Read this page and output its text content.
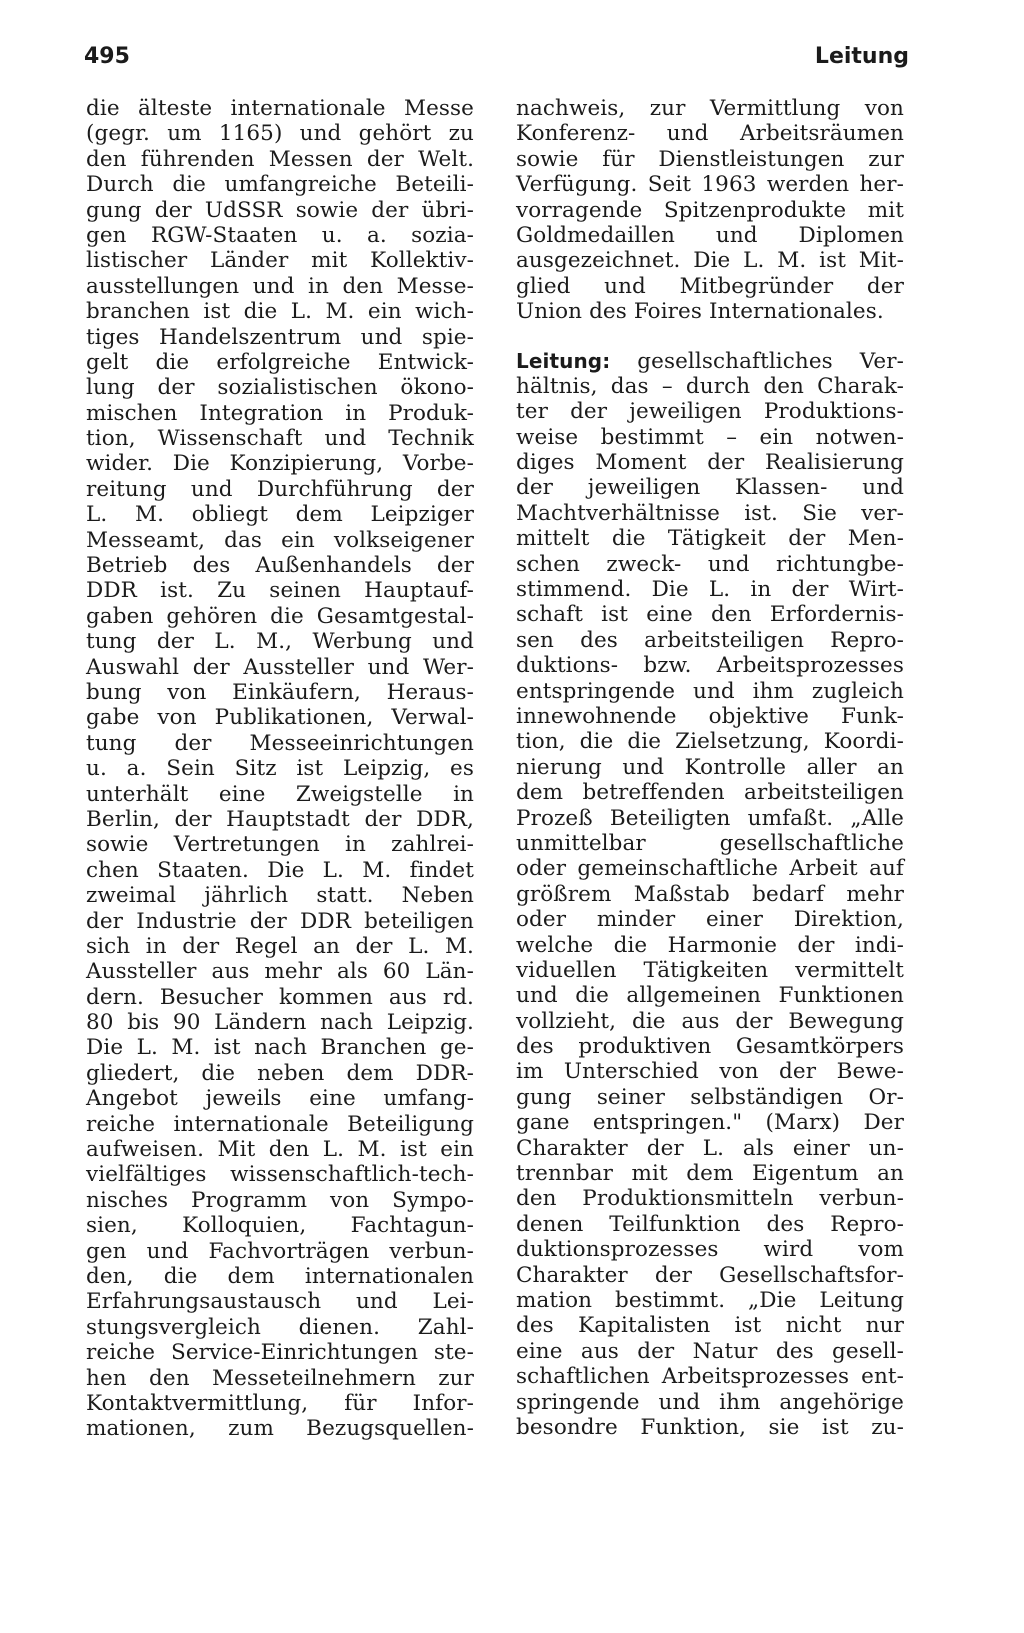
495	Leitung
die älteste internationale Messe
(gegr. um 1165) und gehört zu
den führenden Messen der Welt.
Durch die umfangreiche Beteili-
gung der UdSSR sowie der übri-
gen RGW-Staaten u. a. sozia-
listischer Länder mit Kollektiv-
ausstellungen und in den Messe-
branchen ist die L. M. ein wich-
tiges Handelszentrum und spie-
gelt die erfolgreiche Entwick-
lung der sozialistischen ökono-
mischen Integration in Produk-
tion, Wissenschaft und Technik
wider. Die Konzipierung, Vorbe-
reitung und Durchführung der
L. M. obliegt dem Leipziger
Messeamt, das ein volkseigener
Betrieb des Außenhandels der
DDR ist. Zu seinen Hauptauf-
gaben gehören die Gesamtgestal-
tung der L. M., Werbung und
Auswahl der Aussteller und Wer-
bung von Einkäufern, Heraus-
gabe von Publikationen, Verwal-
tung der Messeeinrichtungen
u. a. Sein Sitz ist Leipzig, es
unterhält eine Zweigstelle in
Berlin, der Hauptstadt der DDR,
sowie Vertretungen in zahlrei-
chen Staaten. Die L. M. findet
zweimal jährlich statt. Neben
der Industrie der DDR beteiligen
sich in der Regel an der L. M.
Aussteller aus mehr als 60 Län-
dern. Besucher kommen aus rd.
80 bis 90 Ländern nach Leipzig.
Die L. M. ist nach Branchen ge-
gliedert, die neben dem DDR-
Angebot jeweils eine umfang-
reiche internationale Beteiligung
aufweisen. Mit den L. M. ist ein
vielfältiges wissenschaftlich-tech-
nisches Programm von Sympo-
sien, Kolloquien, Fachtagun-
gen und Fachvorträgen verbun-
den, die dem internationalen
Erfahrungsaustausch und Lei-
stungsvergleich dienen. Zahl-
reiche Service-Einrichtungen ste-
hen den Messeteilnehmern zur
Kontaktvermittlung, für Infor-
mationen, zum Bezugsquellen-
nachweis, zur Vermittlung von
Konferenz- und Arbeitsräumen
sowie für Dienstleistungen zur
Verfügung. Seit 1963 werden her-
vorragende Spitzenprodukte mit
Goldmedaillen und Diplomen
ausgezeichnet. Die L. M. ist Mit-
glied und Mitbegründer der
Union des Foires Internationales.
Leitung: gesellschaftliches Ver-
hältnis, das – durch den Charak-
ter der jeweiligen Produktions-
weise bestimmt – ein notwen-
diges Moment der Realisierung
der jeweiligen Klassen- und
Machtverhältnisse ist. Sie ver-
mittelt die Tätigkeit der Men-
schen zweck- und richtungbe-
stimmend. Die L. in der Wirt-
schaft ist eine den Erfordernis-
sen des arbeitsteiligen Repro-
duktions- bzw. Arbeitsprozesses
entspringende und ihm zugleich
innewohnende objektive Funk-
tion, die die Zielsetzung, Koordi-
nierung und Kontrolle aller an
dem betreffenden arbeitsteiligen
Prozeß Beteiligten umfaßt. „Alle
unmittelbar gesellschaftliche
oder gemeinschaftliche Arbeit auf
größrem Maßstab bedarf mehr
oder minder einer Direktion,
welche die Harmonie der indi-
viduellen Tätigkeiten vermittelt
und die allgemeinen Funktionen
vollzieht, die aus der Bewegung
des produktiven Gesamtkörpers
im Unterschied von der Bewe-
gung seiner selbständigen Or-
gane entspringen." (Marx) Der
Charakter der L. als einer un-
trennbar mit dem Eigentum an
den Produktionsmitteln verbun-
denen Teilfunktion des Repro-
duktionsprozesses wird vom
Charakter der Gesellschaftsfor-
mation bestimmt. „Die Leitung
des Kapitalisten ist nicht nur
eine aus der Natur des gesell-
schaftlichen Arbeitsprozesses ent-
springende und ihm angehörige
besondre Funktion, sie ist zu-
